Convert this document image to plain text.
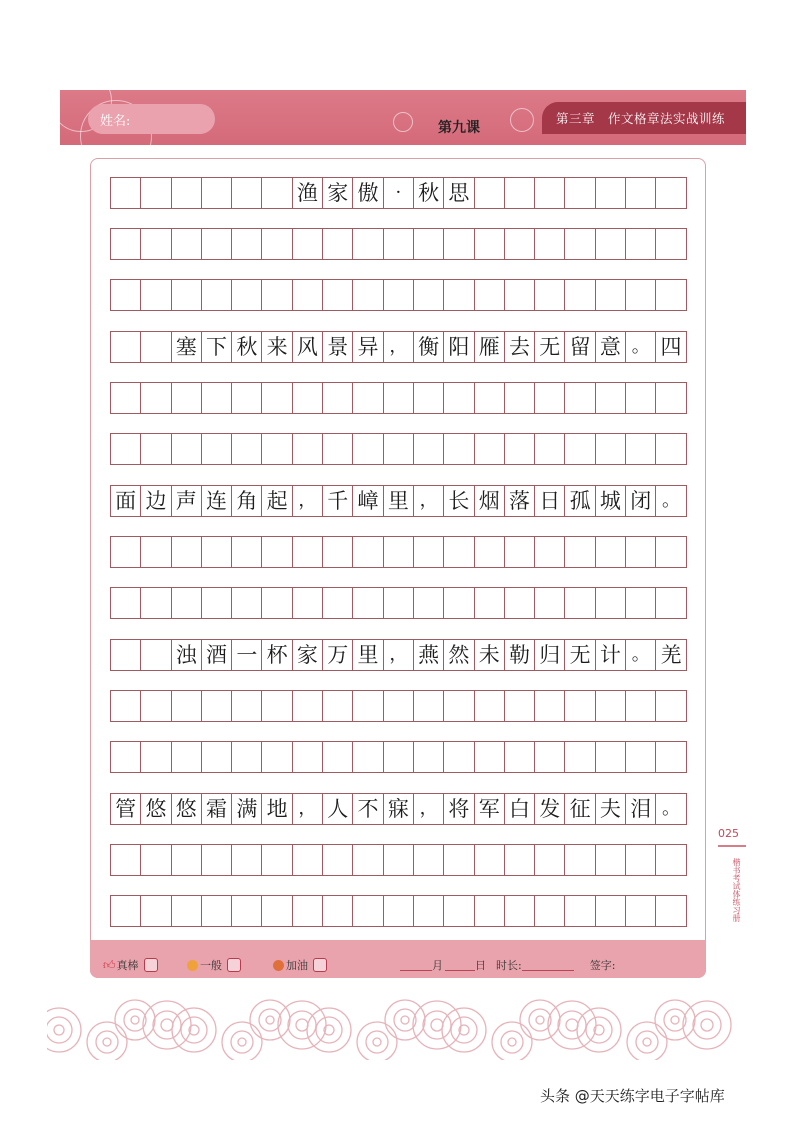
姓名:	第九课
第三章　作文格章法实战训练
渔 家 傲 · 秋 思
塞 下 秋 来 风 景 异 ， 衡 阳 雁 去 无 留 意 。 四
面 边 声 连 角 起 ， 千 嶂 里 ， 长 烟 落 日 孤 城 闭 。
浊 酒 一 杯 家 万 里 ， 燕 然 未 勒 归 无 计 。 羌
管 悠 悠 霜 满 地 ， 人 不 寐 ， 将 军 白 发 征 夫 泪 。
👍︎ 真棒	一般	加油	月	日 时长:	签字:
025
楷书考试体练习册
头条 @天天练字电子字帖库
